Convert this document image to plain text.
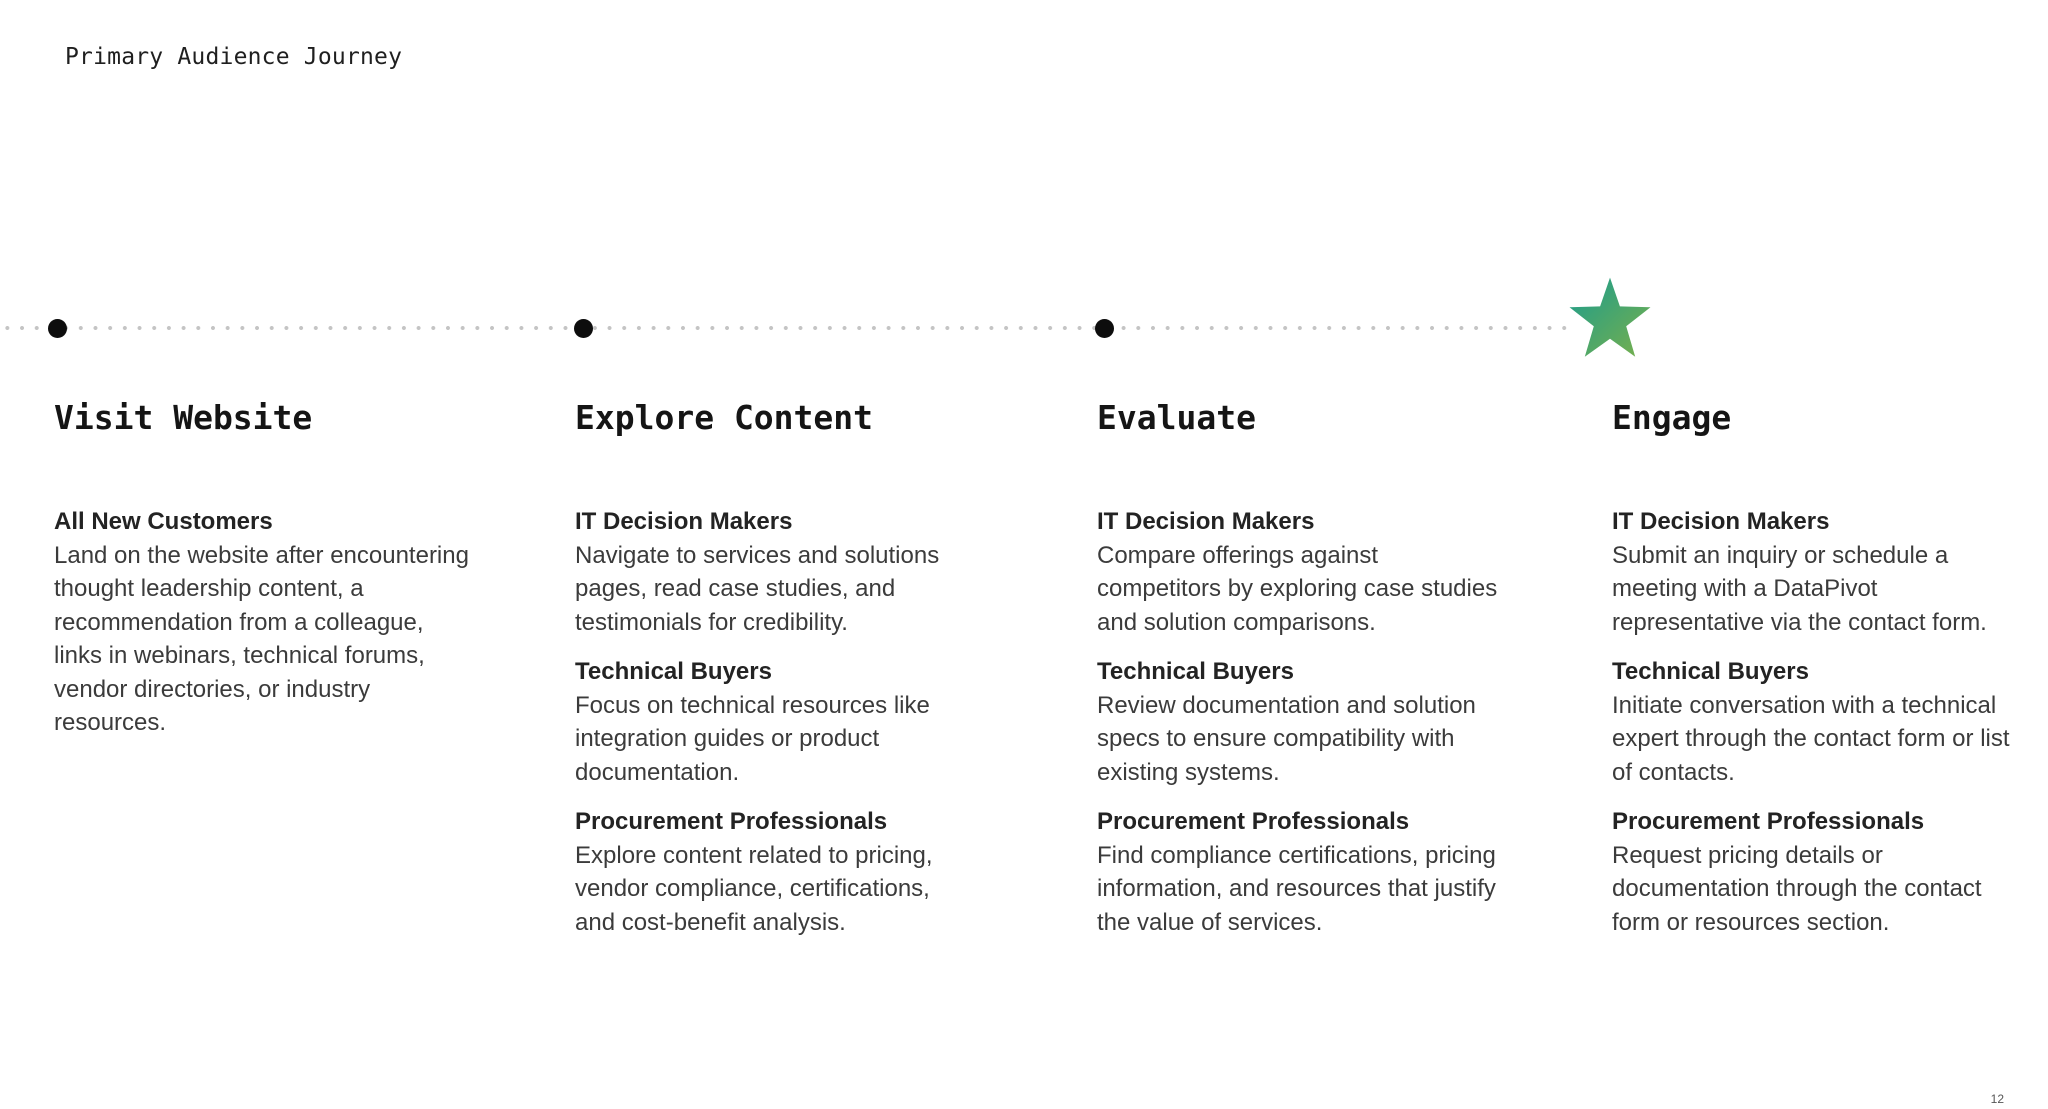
Primary Audience Journey
Visit Website
All New Customers
Land on the website after encountering thought leadership content, a recommendation from a colleague, links in webinars, technical forums, vendor directories, or industry resources.
Explore Content
IT Decision Makers
Navigate to services and solutions pages, read case studies, and testimonials for credibility.
Technical Buyers
Focus on technical resources like integration guides or product documentation.
Procurement Professionals
Explore content related to pricing, vendor compliance, certifications, and cost-benefit analysis.
Evaluate
IT Decision Makers
Compare offerings against competitors by exploring case studies and solution comparisons.
Technical Buyers
Review documentation and solution specs to ensure compatibility with existing systems.
Procurement Professionals
Find compliance certifications, pricing information, and resources that justify the value of services.
Engage
IT Decision Makers
Submit an inquiry or schedule a meeting with a DataPivot representative via the contact form.
Technical Buyers
Initiate conversation with a technical expert through the contact form or list of contacts.
Procurement Professionals
Request pricing details or documentation through the contact form or resources section.
12
